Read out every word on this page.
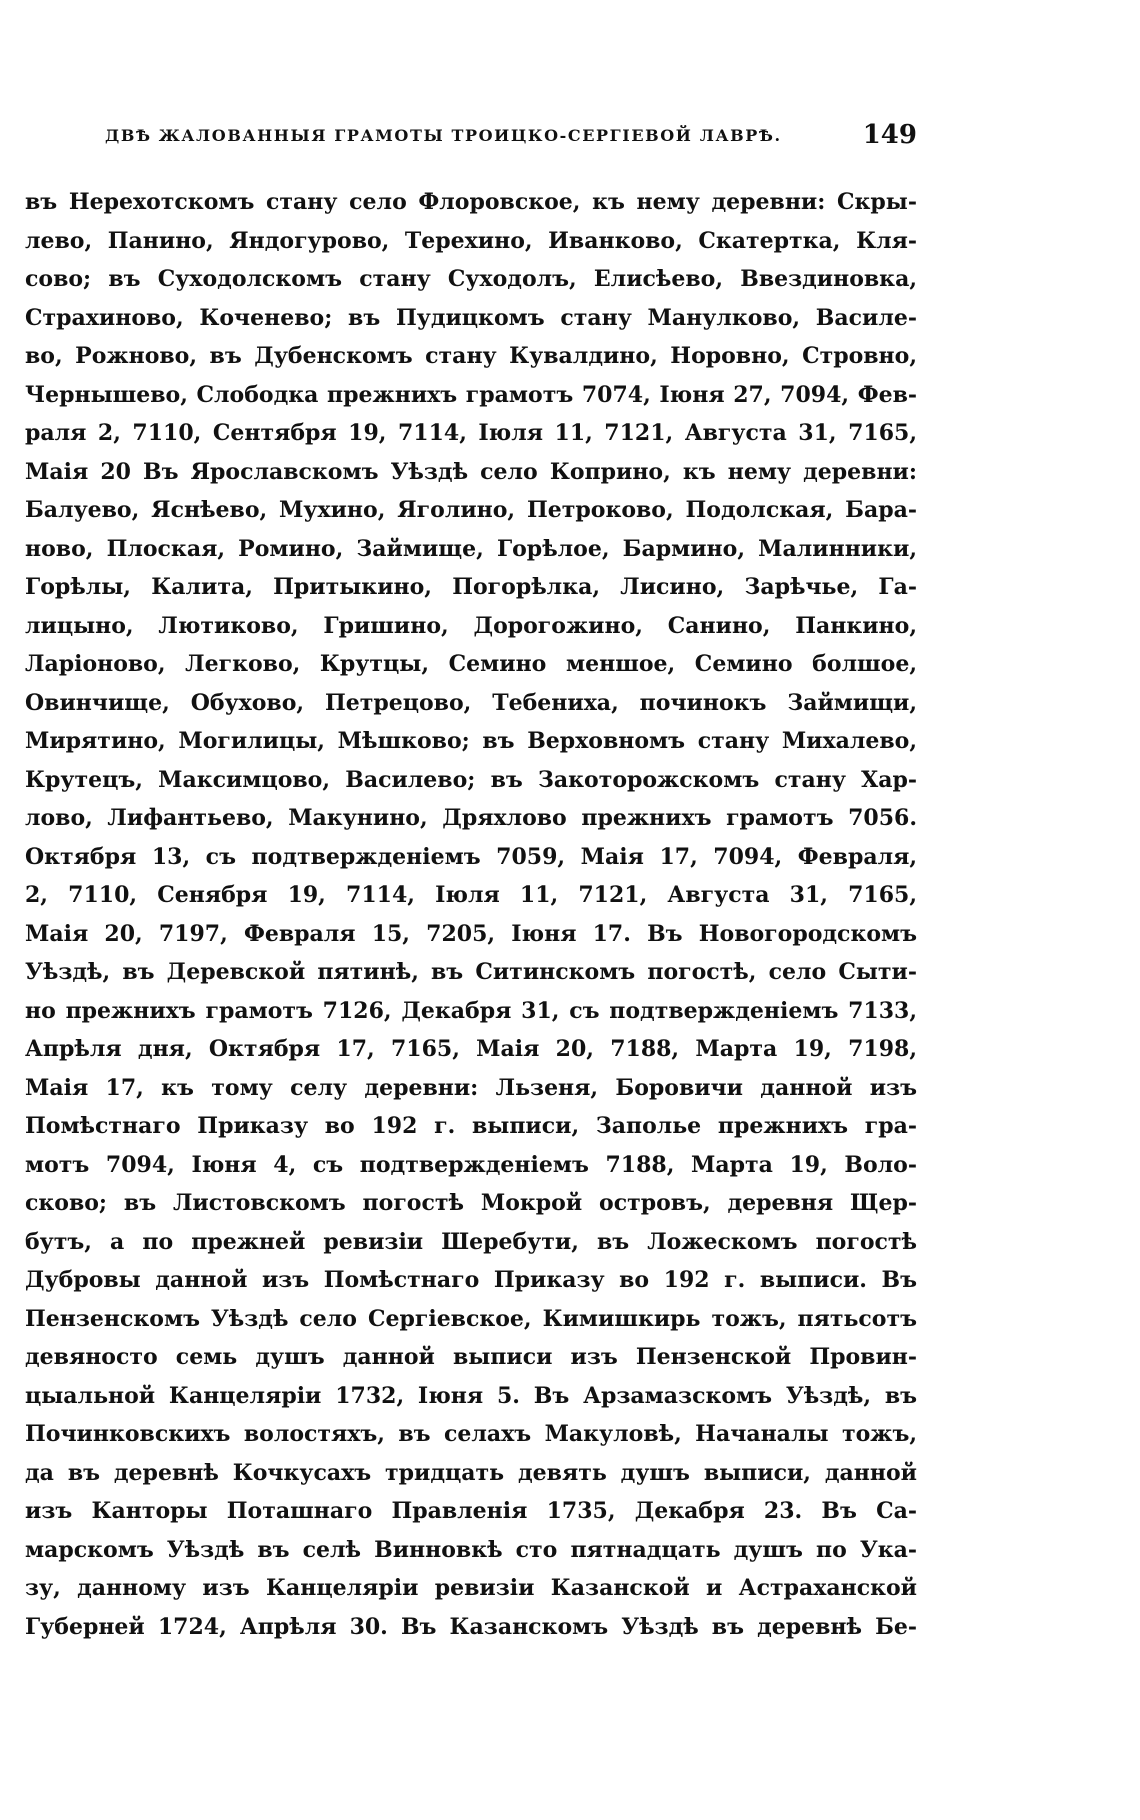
ДВѢ ЖАЛОВАННЫЯ ГРАМОТЫ ТРОИЦКО-СЕРГІЕВОЙ ЛАВРѢ.	149
въ Нерехотскомъ стану село Флоровское, къ нему деревни: Скры-
лево, Панино, Яндогурово, Терехино, Иванково, Скатертка, Кля-
сово; въ Суходолскомъ стану Суходолъ, Елисѣево, Ввездиновка,
Страхиново, Коченево; въ Пудицкомъ стану Манулково, Василе-
во, Рожново, въ Дубенскомъ стану Кувалдино, Норовно, Стровно,
Чернышево, Слободка прежнихъ грамотъ 7074, Іюня 27, 7094, Фев-
раля 2, 7110, Сентября 19, 7114, Іюля 11, 7121, Августа 31, 7165,
Маія 20 Въ Ярославскомъ Уѣздѣ село Коприно, къ нему деревни:
Балуево, Яснѣево, Мухино, Яголино, Петроково, Подолская, Бара-
ново, Плоская, Ромино, Займище, Горѣлое, Бармино, Малинники,
Горѣлы, Калита, Притыкино, Погорѣлка, Лисино, Зарѣчье, Га-
лицыно, Лютиково, Гришино, Дорогожино, Санино, Панкино,
Ларіоново, Легково, Крутцы, Семино меншое, Семино болшое,
Овинчище, Обухово, Петрецово, Тебениха, починокъ Займищи,
Мирятино, Могилицы, Мѣшково; въ Верховномъ стану Михалево,
Крутецъ, Максимцово, Василево; въ Закоторожскомъ стану Хар-
лово, Лифантьево, Макунино, Дряхлово прежнихъ грамотъ 7056.
Октября 13, съ подтвержденіемъ 7059, Маія 17, 7094, Февраля,
2, 7110, Сенября 19, 7114, Іюля 11, 7121, Августа 31, 7165,
Маія 20, 7197, Февраля 15, 7205, Іюня 17. Въ Новогородскомъ
Уѣздѣ, въ Деревской пятинѣ, въ Ситинскомъ погостѣ, село Сыти-
но прежнихъ грамотъ 7126, Декабря 31, съ подтвержденіемъ 7133,
Апрѣля дня, Октября 17, 7165, Маія 20, 7188, Марта 19, 7198,
Маія 17, къ тому селу деревни: Льзеня, Боровичи данной изъ
Помѣстнаго Приказу во 192 г. выписи, Заполье прежнихъ гра-
мотъ 7094, Іюня 4, съ подтвержденіемъ 7188, Марта 19, Воло-
сково; въ Листовскомъ погостѣ Мокрой островъ, деревня Щер-
бутъ, а по прежней ревизіи Шеребути, въ Ложескомъ погостѣ
Дубровы данной изъ Помѣстнаго Приказу во 192 г. выписи. Въ
Пензенскомъ Уѣздѣ село Сергіевское, Кимишкирь тожъ, пятьсотъ
девяносто семь душъ данной выписи изъ Пензенской Провин-
цыальной Канцеляріи 1732, Іюня 5. Въ Арзамазскомъ Уѣздѣ, въ
Починковскихъ волостяхъ, въ селахъ Макуловѣ, Начаналы тожъ,
да въ деревнѣ Кочкусахъ тридцать девять душъ выписи, данной
изъ Канторы Поташнаго Правленія 1735, Декабря 23. Въ Са-
марскомъ Уѣздѣ въ селѣ Винновкѣ сто пятнадцать душъ по Ука-
зу, данному изъ Канцеляріи ревизіи Казанской и Астраханской
Губерней 1724, Апрѣля 30. Въ Казанскомъ Уѣздѣ въ деревнѣ Бе-
